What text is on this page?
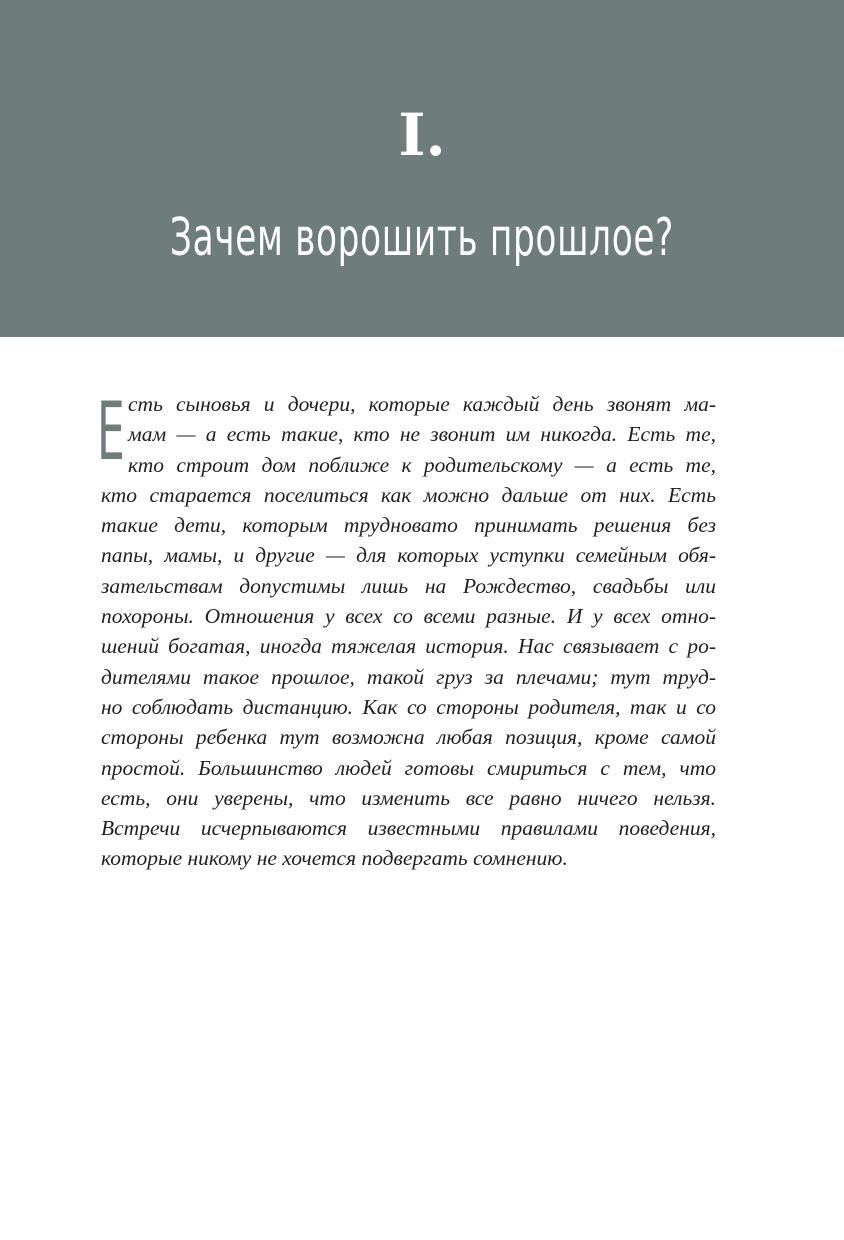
I.
Зачем ворошить прошлое?
Е сть сыновья и дочери, которые каждый день звонят ма-
мам — а есть такие, кто не звонит им никогда. Есть те,
кто строит дом поближе к родительскому — а есть те,
кто старается поселиться как можно дальше от них. Есть
такие дети, которым трудновато принимать решения без
папы, мамы, и другие — для которых уступки семейным обя-
зательствам допустимы лишь на Рождество, свадьбы или
похороны. Отношения у всех со всеми разные. И у всех отно-
шений богатая, иногда тяжелая история. Нас связывает с ро-
дителями такое прошлое, такой груз за плечами; тут труд-
но соблюдать дистанцию. Как со стороны родителя, так и со
стороны ребенка тут возможна любая позиция, кроме самой
простой. Большинство людей готовы смириться с тем, что
есть, они уверены, что изменить все равно ничего нельзя.
Встречи исчерпываются известными правилами поведения,
которые никому не хочется подвергать сомнению.
